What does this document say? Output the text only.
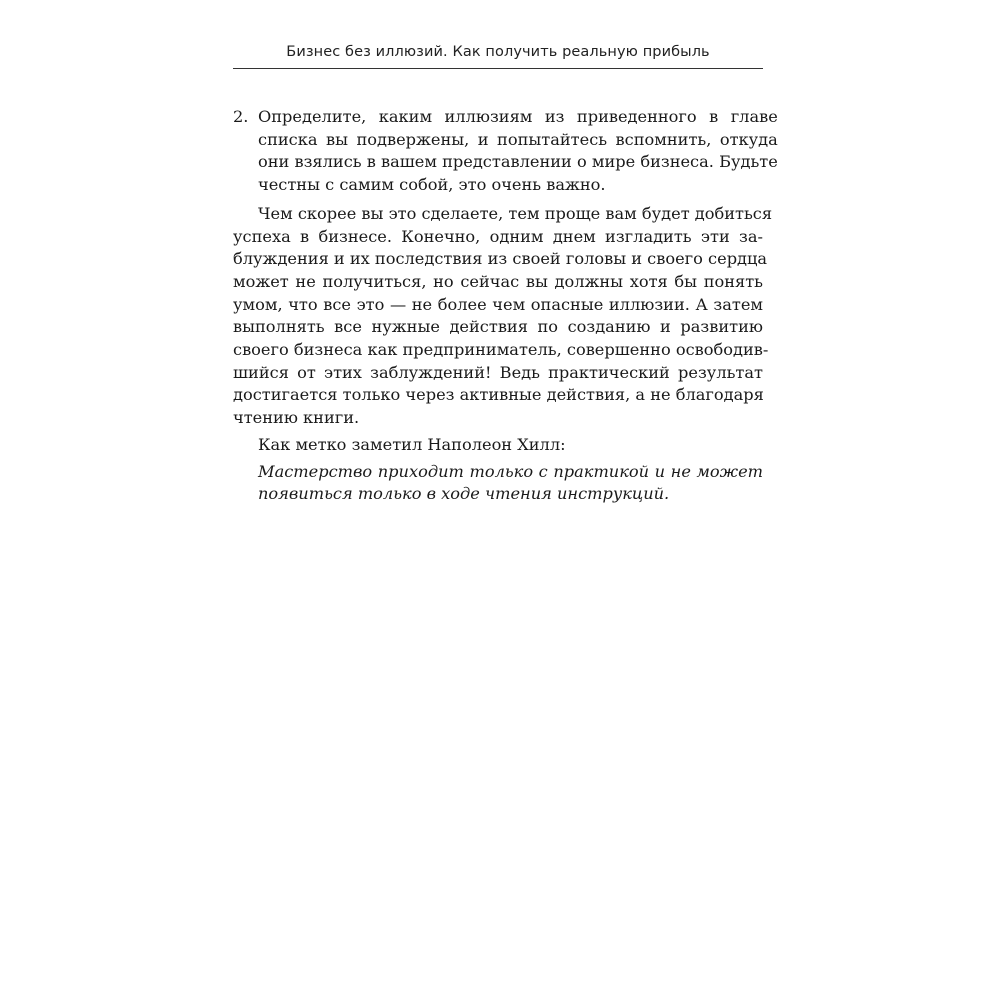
Бизнес без иллюзий. Как получить реальную прибыль
2. Определите, каким иллюзиям из приведенного в главе
списка вы подвержены, и попытайтесь вспомнить, откуда
они взялись в вашем представлении о мире бизнеса. Будьте
честны с самим собой, это очень важно.
Чем скорее вы это сделаете, тем проще вам будет добиться
успеха в бизнесе. Конечно, одним днем изгладить эти за-
блуждения и их последствия из своей головы и своего сердца
может не получиться, но сейчас вы должны хотя бы понять
умом, что все это — не более чем опасные иллюзии. А затем
выполнять все нужные действия по созданию и развитию
своего бизнеса как предприниматель, совершенно освободив-
шийся от этих заблуждений! Ведь практический результат
достигается только через активные действия, а не благодаря
чтению книги.
Как метко заметил Наполеон Хилл:
Мастерство приходит только с практикой и не может
появиться только в ходе чтения инструкций.
